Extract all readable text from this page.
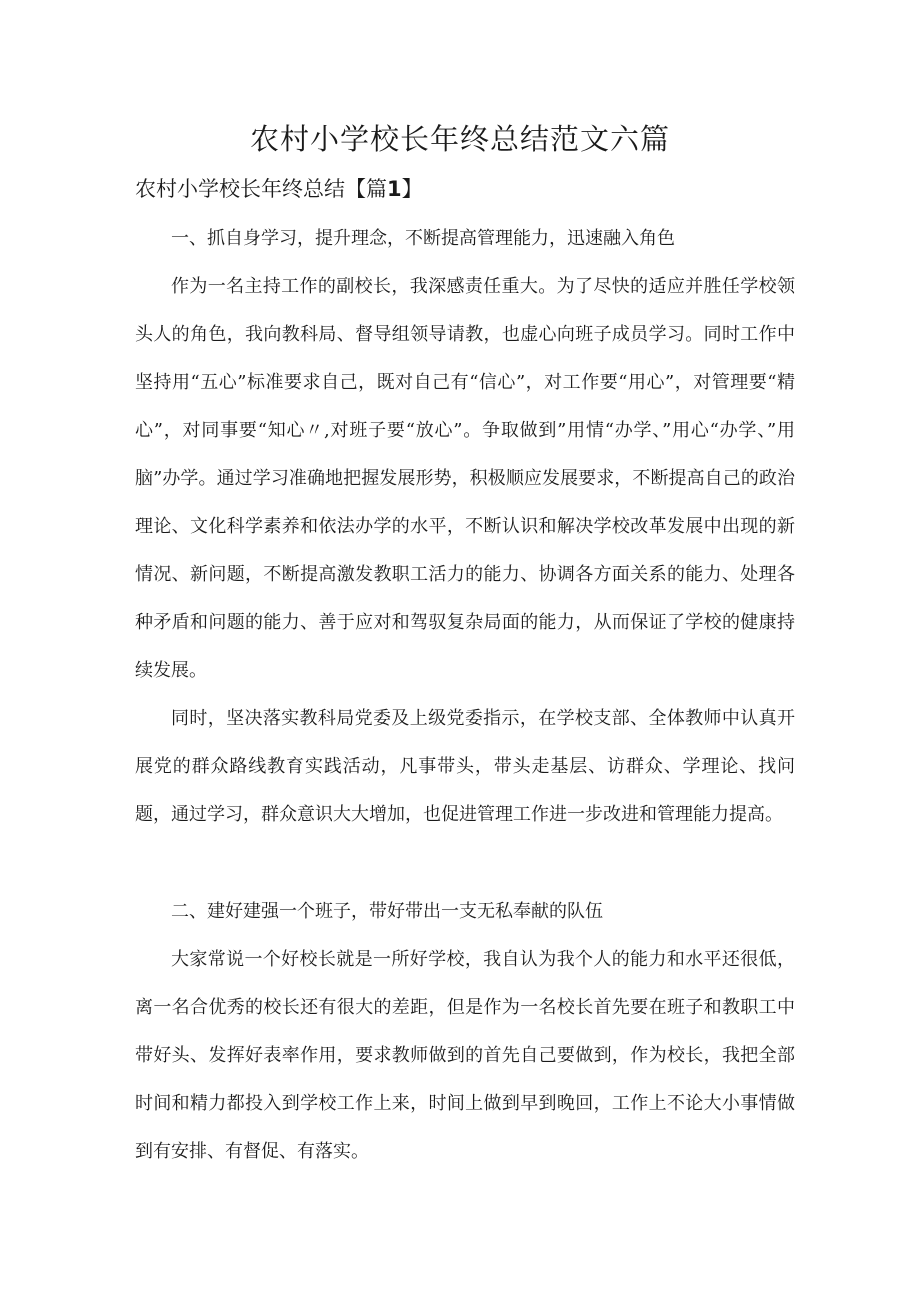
农村小学校长年终总结范文六篇
农村小学校长年终总结【篇1】

一、抓自身学习，提升理念，不断提高管理能力，迅速融入角色

作为一名主持工作的副校长，我深感责任重大。为了尽快的适应并胜任学校领头人的角色，我向教科局、督导组领导请教，也虚心向班子成员学习。同时工作中坚持用“五心”标准要求自己，既对自己有“信心”，对工作要“用心”，对管理要“精心”，对同事要“知心〃,对班子要“放心”。争取做到”用情“办学、”用心“办学、”用脑”办学。通过学习准确地把握发展形势，积极顺应发展要求，不断提高自己的政治理论、文化科学素养和依法办学的水平，不断认识和解决学校改革发展中出现的新情况、新问题，不断提高激发教职工活力的能力、协调各方面关系的能力、处理各种矛盾和问题的能力、善于应对和驾驭复杂局面的能力，从而保证了学校的健康持续发展。

同时，坚决落实教科局党委及上级党委指示，在学校支部、全体教师中认真开展党的群众路线教育实践活动，凡事带头，带头走基层、访群众、学理论、找问题，通过学习，群众意识大大增加，也促进管理工作进一步改进和管理能力提高。

二、建好建强一个班子，带好带出一支无私奉献的队伍

大家常说一个好校长就是一所好学校，我自认为我个人的能力和水平还很低，离一名合优秀的校长还有很大的差距，但是作为一名校长首先要在班子和教职工中带好头、发挥好表率作用，要求教师做到的首先自己要做到，作为校长，我把全部时间和精力都投入到学校工作上来，时间上做到早到晚回，工作上不论大小事情做到有安排、有督促、有落实。
